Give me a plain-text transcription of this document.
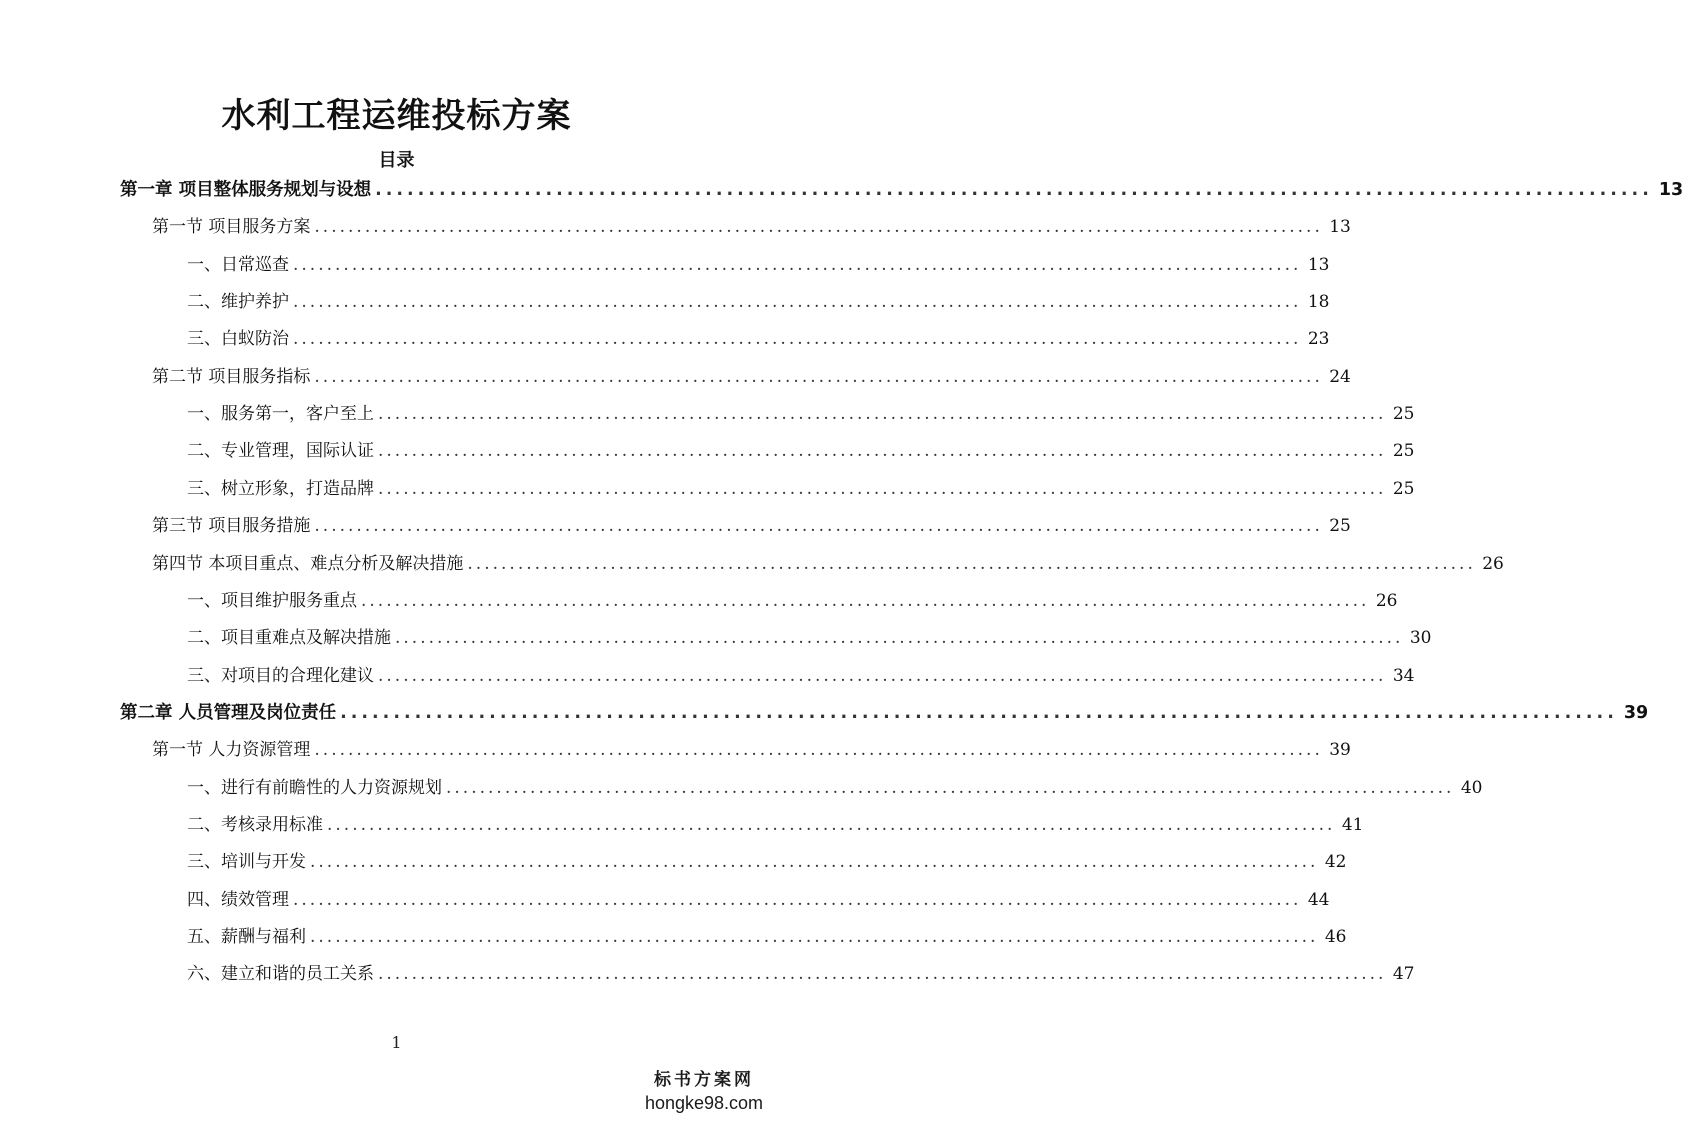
水利工程运维投标方案
目录
第一章 项目整体服务规划与设想 ........................................................................................................................ 13
第一节 项目服务方案 ........................................................................................................................ 13
一、日常巡查 ........................................................................................................................ 13
二、维护养护 ........................................................................................................................ 18
三、白蚁防治 ........................................................................................................................ 23
第二节 项目服务指标 ........................................................................................................................ 24
一、服务第一，客户至上 ........................................................................................................................ 25
二、专业管理，国际认证 ........................................................................................................................ 25
三、树立形象，打造品牌 ........................................................................................................................ 25
第三节 项目服务措施 ........................................................................................................................ 25
第四节 本项目重点、难点分析及解决措施 ........................................................................................................................ 26
一、项目维护服务重点 ........................................................................................................................ 26
二、项目重难点及解决措施 ........................................................................................................................ 30
三、对项目的合理化建议 ........................................................................................................................ 34
第二章 人员管理及岗位责任 ........................................................................................................................ 39
第一节 人力资源管理 ........................................................................................................................ 39
一、进行有前瞻性的人力资源规划 ........................................................................................................................ 40
二、考核录用标准 ........................................................................................................................ 41
三、培训与开发 ........................................................................................................................ 42
四、绩效管理 ........................................................................................................................ 44
五、薪酬与福利 ........................................................................................................................ 46
六、建立和谐的员工关系 ........................................................................................................................ 47
1
标书方案网
hongke98.com
